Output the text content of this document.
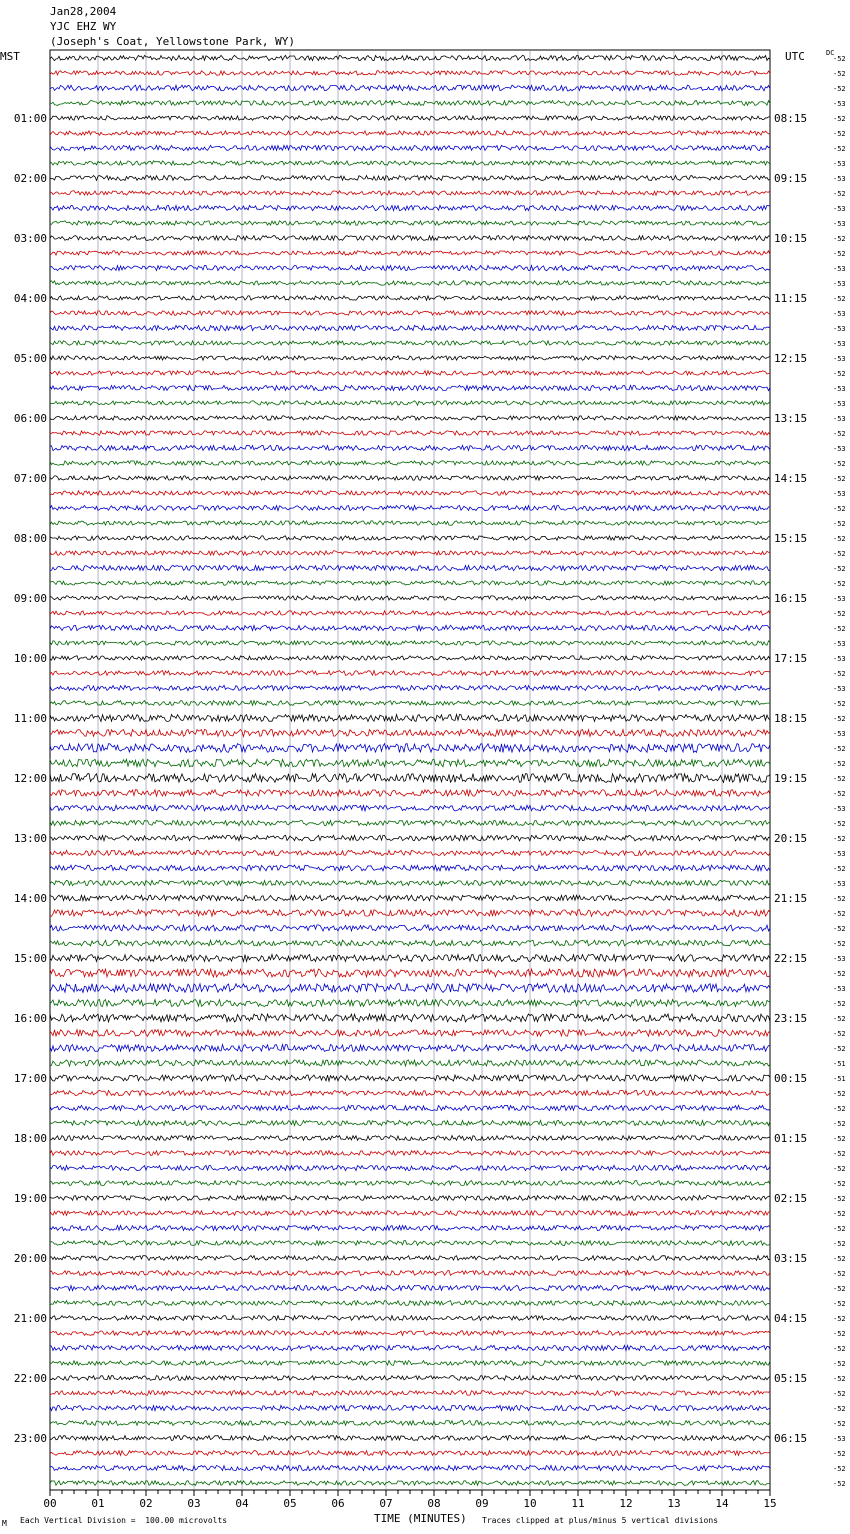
Jan28,2004
YJC EHZ WY
(Joseph's Coat, Yellowstone Park, WY)
MST	UTC	DC
-52
-52
-52
-53
-52
-52
-52
-53
-53
-52
-53
-53
-52
-52
-53
-53
-52
-53
-53
-53
-53
-52
-53
-53
-53
-52
-53
-52
-52
-53
-52
-52
-52
-52
-52
-52
-53
-52
-52
-53
-53
-52
-53
-52
-52
-53
-52
-52
-52
-52
-53
-52
-52
-53
-52
-53
-52
-52
-52
-52
-53
-52
-53
-52
-52
-52
-52
-51
-51
-52
-52
-52
-52
-52
-52
-52
-52
-52
-52
-52
-52
-52
-52
-52
-52
-52
-52
-52
-52
-52
-52
-52
-53
-52
-52
-52
01:00
02:00
03:00
04:00
05:00
06:00
07:00
08:00
09:00
10:00
11:00
12:00
13:00
14:00
15:00
16:00
17:00
18:00
19:00
20:00
21:00
22:00
23:00
08:15
09:15
10:15
11:15
12:15
13:15
14:15
15:15
16:15
17:15
18:15
19:15
20:15
21:15
22:15
23:15
00:15
01:15
02:15
03:15
04:15
05:15
06:15
00	01	02	03	04	05	06	07	08	09	10	11	12	13	14	15
M Each Vertical Division =  100.00 microvolts	TIME (MINUTES) Traces clipped at plus/minus 5 vertical divisions
